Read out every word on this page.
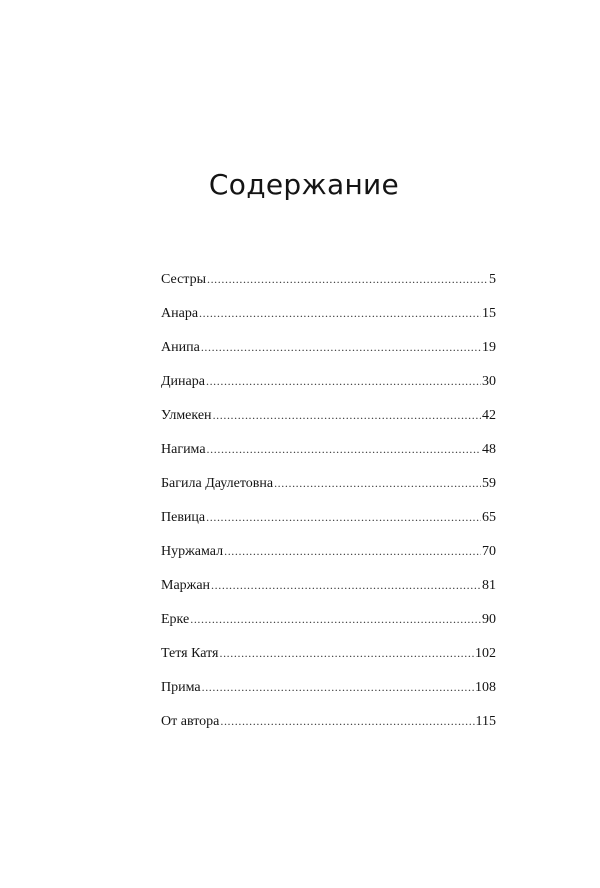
Содержание
Сестры .....	5
Анара .....	15
Анипа .....	19
Динара .....	30
Улмекен .....	42
Нагима .....	48
Багила Даулетовна .....	59
Певица .....	65
Нуржамал .....	70
Маржан .....	81
Ерке .....	90
Тетя Катя .....	102
Прима .....	108
От автора .....	115
